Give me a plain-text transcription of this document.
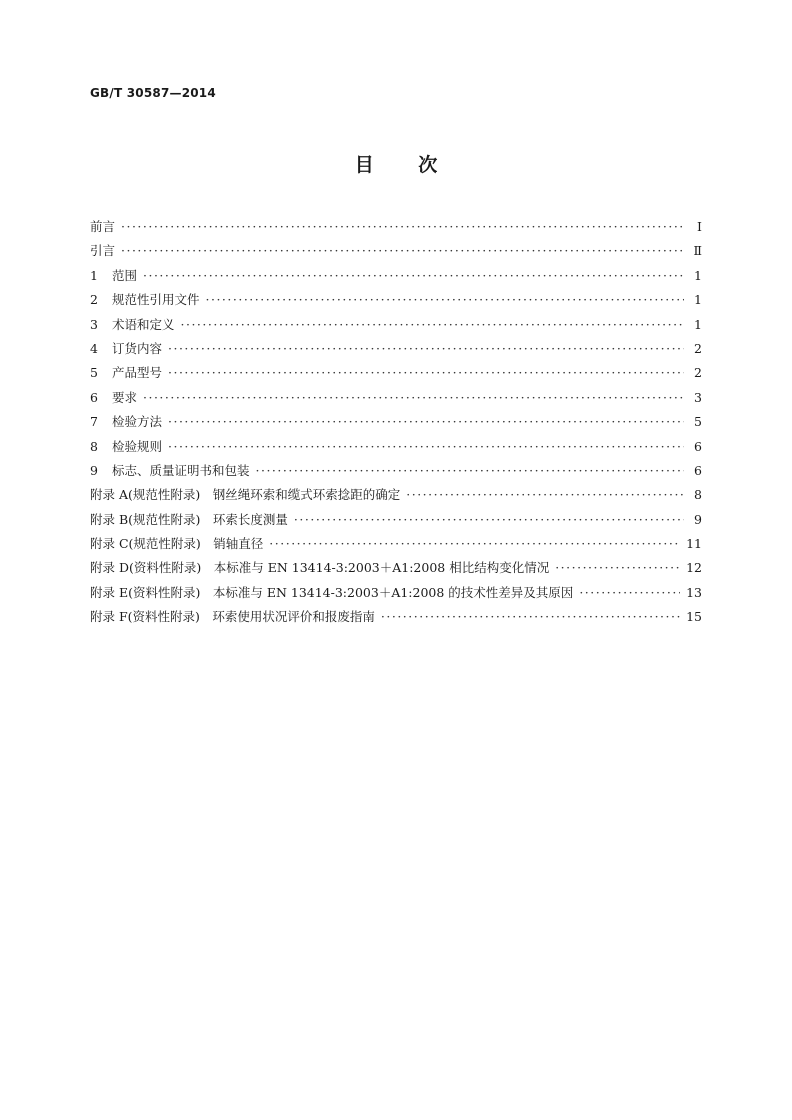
GB/T 30587—2014
目 次
前言 ·····	Ⅰ
引言 ·····	Ⅱ
1	范围 ·····	1
2	规范性引用文件 ·····	1
3	术语和定义 ·····	1
4	订货内容 ·····	2
5	产品型号 ·····	2
6	要求 ·····	3
7	检验方法 ·····	5
8	检验规则 ·····	6
9	标志、质量证明书和包装 ·····	6
附录 A(规范性附录)　钢丝绳环索和缆式环索捻距的确定 ·····	8
附录 B(规范性附录)　环索长度测量 ·····	9
附录 C(规范性附录)　销轴直径 ·····	11
附录 D(资料性附录)　本标准与 EN 13414-3:2003＋A1:2008 相比结构变化情况 ·····	12
附录 E(资料性附录)　本标准与 EN 13414-3:2003＋A1:2008 的技术性差异及其原因 ·····	13
附录 F(资料性附录)　环索使用状况评价和报废指南 ·····	15
